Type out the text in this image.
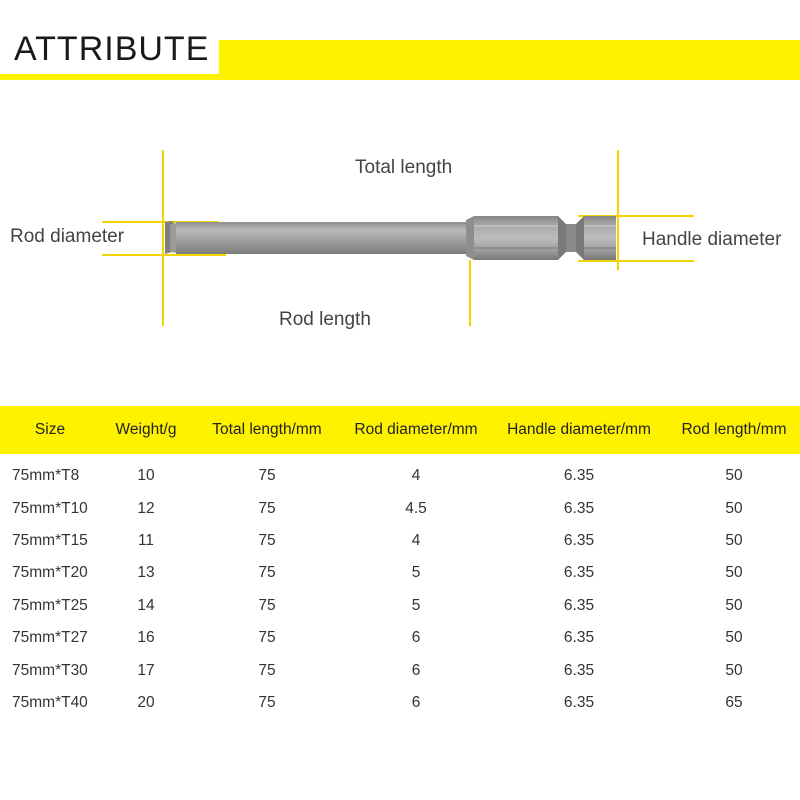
ATTRIBUTE
Total length
Rod diameter	Handle diameter
Rod length
Size	Weight/g	Total length/mm	Rod diameter/mm	Handle diameter/mm	Rod length/mm
75mm*T8	10	75	4	6.35	50
75mm*T10	12	75	4.5	6.35	50
75mm*T15	11	75	4	6.35	50
75mm*T20	13	75	5	6.35	50
75mm*T25	14	75	5	6.35	50
75mm*T27	16	75	6	6.35	50
75mm*T30	17	75	6	6.35	50
75mm*T40	20	75	6	6.35	65
